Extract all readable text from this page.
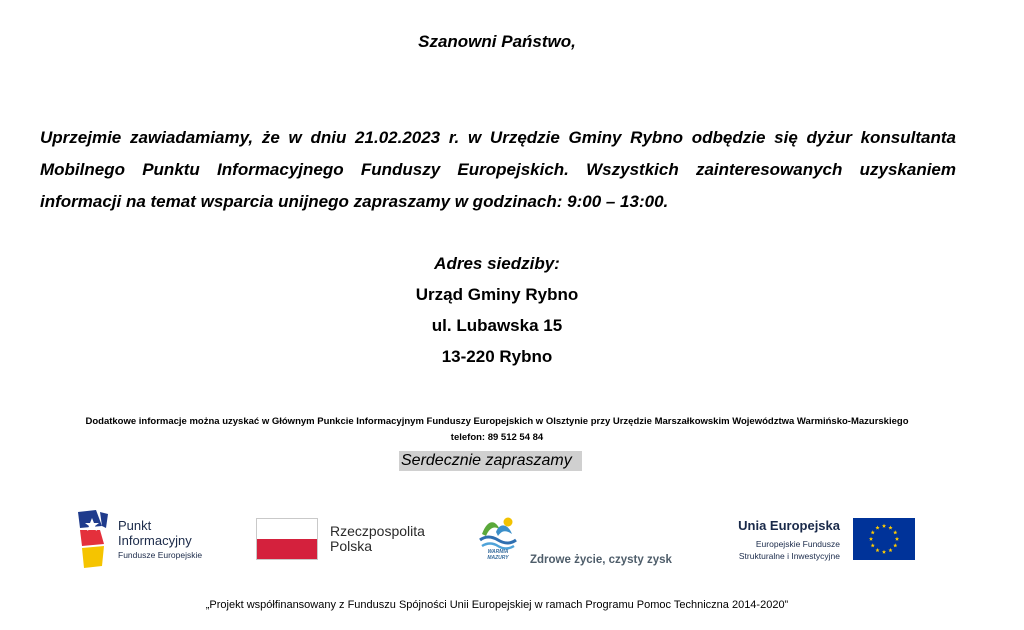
Szanowni Państwo,

Uprzejmie zawiadamiamy, że w dniu 21.02.2023 r. w Urzędzie Gminy Rybno odbędzie się dyżur konsultanta

Mobilnego Punktu Informacyjnego Funduszy Europejskich. Wszystkich zainteresowanych uzyskaniem

informacji na temat wsparcia unijnego zapraszamy w godzinach: 9:00 – 13:00.

Adres siedziby:
Urząd Gminy Rybno
ul. Lubawska 15
13-220 Rybno
Dodatkowe informacje można uzyskać w Głównym Punkcie Informacyjnym Funduszy Europejskich w Olsztynie przy Urzędzie Marszałkowskim Województwa Warmińsko-Mazurskiego
telefon: 89 512 54 84
Serdecznie zapraszamy
Punkt
Informacyjny
Fundusze Europejskie
Rzeczpospolita
Polska	WARMIA
MAZURY	Zdrowe życie, czysty zysk
Unia Europejska
Europejskie Fundusze
Strukturalne i Inwestycyjne
„Projekt współfinansowany z Funduszu Spójności Unii Europejskiej w ramach Programu Pomoc Techniczna 2014-2020”
